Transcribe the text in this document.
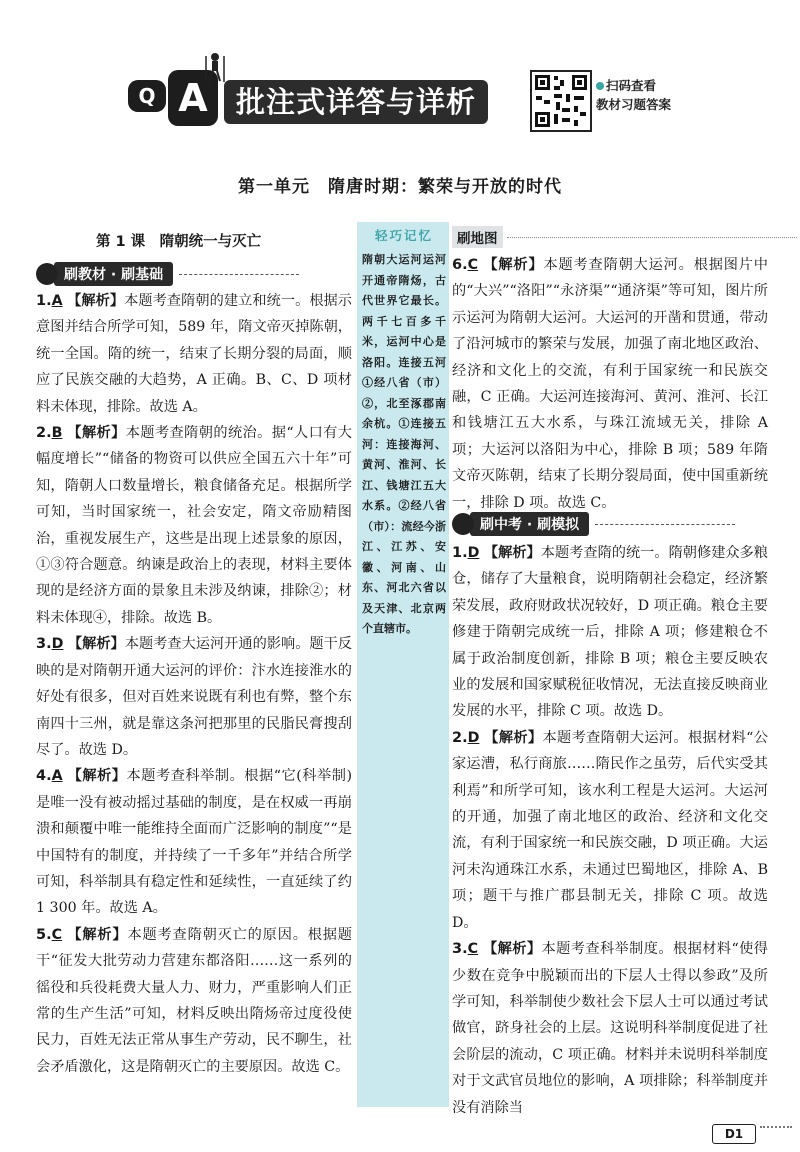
Q A 批注式详答与详析	扫码查看
教材习题答案
第一单元　隋唐时期：繁荣与开放的时代
第 1 课　隋朝统一与灭亡
刷教材 · 刷基础

1.A 【解析】本题考查隋朝的建立和统一。根据示意图并结合所学可知，589 年，隋文帝灭掉陈朝，统一全国。隋的统一，结束了长期分裂的局面，顺应了民族交融的大趋势，A 正确。B、C、D 项材料未体现，排除。故选 A。

2.B 【解析】本题考查隋朝的统治。据“人口有大幅度增长”“储备的物资可以供应全国五六十年”可知，隋朝人口数量增长，粮食储备充足。根据所学可知，当时国家统一，社会安定，隋文帝励精图治，重视发展生产，这些是出现上述景象的原因，①③符合题意。纳谏是政治上的表现，材料主要体现的是经济方面的景象且未涉及纳谏，排除②；材料未体现④，排除。故选 B。

3.D 【解析】本题考查大运河开通的影响。题干反映的是对隋朝开通大运河的评价：汴水连接淮水的好处有很多，但对百姓来说既有利也有弊，整个东南四十三州，就是靠这条河把那里的民脂民膏搜刮尽了。故选 D。

4.A 【解析】本题考查科举制。根据“它(科举制)是唯一没有被动摇过基础的制度，是在权威一再崩溃和颠覆中唯一能维持全面而广泛影响的制度”“是中国特有的制度，并持续了一千多年”并结合所学可知，科举制具有稳定性和延续性，一直延续了约 1 300 年。故选 A。

5.C 【解析】本题考查隋朝灭亡的原因。根据题干“征发大批劳动力营建东都洛阳……这一系列的徭役和兵役耗费大量人力、财力，严重影响人们正常的生产生活”可知，材料反映出隋炀帝过度役使民力，百姓无法正常从事生产劳动，民不聊生，社会矛盾激化，这是隋朝灭亡的主要原因。故选 C。

轻巧记忆
隋朝大运河运河开通帝隋炀，古代世界它最长。两千七百多千米，运河中心是洛阳。连接五河①经八省（市）②，北至涿郡南余杭。①连接五河：连接海河、黄河、淮河、长江、钱塘江五大水系。②经八省（市）：流经今浙江、江苏、安徽、河南、山东、河北六省以及天津、北京两个直辖市。
刷地图

6.C 【解析】本题考查隋朝大运河。根据图片中的“大兴”“洛阳”“永济渠”“通济渠”等可知，图片所示运河为隋朝大运河。大运河的开凿和贯通，带动了沿河城市的繁荣与发展，加强了南北地区政治、经济和文化上的交流，有利于国家统一和民族交融，C 正确。大运河连接海河、黄河、淮河、长江和钱塘江五大水系，与珠江流域无关，排除 A 项；大运河以洛阳为中心，排除 B 项；589 年隋文帝灭陈朝，结束了长期分裂局面，使中国重新统一，排除 D 项。故选 C。

刷中考 · 刷模拟

1.D 【解析】本题考查隋的统一。隋朝修建众多粮仓，储存了大量粮食，说明隋朝社会稳定，经济繁荣发展，政府财政状况较好，D 项正确。粮仓主要修建于隋朝完成统一后，排除 A 项；修建粮仓不属于政治制度创新，排除 B 项；粮仓主要反映农业的发展和国家赋税征收情况，无法直接反映商业发展的水平，排除 C 项。故选 D。

2.D 【解析】本题考查隋朝大运河。根据材料“公家运漕，私行商旅……隋民作之虽劳，后代实受其利焉”和所学可知，该水利工程是大运河。大运河的开通，加强了南北地区的政治、经济和文化交流，有利于国家统一和民族交融，D 项正确。大运河未沟通珠江水系，未通过巴蜀地区，排除 A、B 项；题干与推广郡县制无关，排除 C 项。故选 D。

3.C 【解析】本题考查科举制度。根据材料“使得少数在竞争中脱颖而出的下层人士得以参政”及所学可知，科举制使少数社会下层人士可以通过考试做官，跻身社会的上层。这说明科举制度促进了社会阶层的流动，C 项正确。材料并未说明科举制度对于文武官员地位的影响，A 项排除；科举制度并没有消除当

D1
